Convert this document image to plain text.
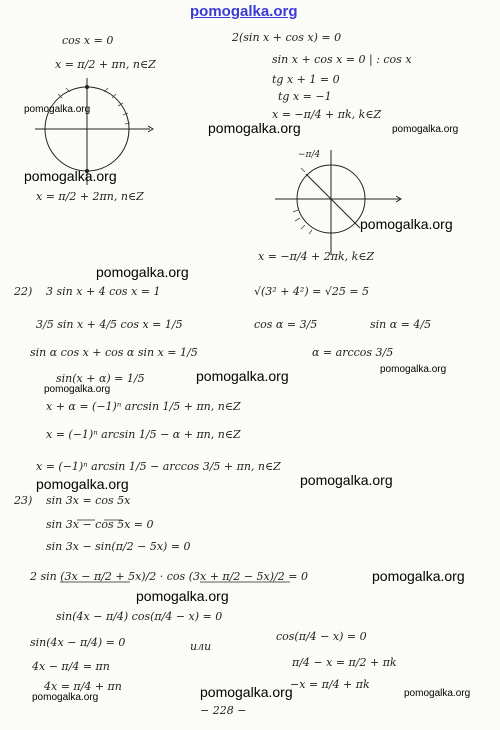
pomogalka.org
pomogalka.org
pomogalka.org	pomogalka.org
pomogalka.org
pomogalka.org
pomogalka.org
pomogalka.org	pomogalka.org
pomogalka.org
pomogalka.org	pomogalka.org
pomogalka.org
pomogalka.org
pomogalka.org
pomogalka.org	pomogalka.org
cos x = 0
x = π/2 + πn, n∈Z
x = π/2 + 2πn, n∈Z
2(sin x + cos x) = 0
sin x + cos x = 0 | : cos x
tg x + 1 = 0
tg x = −1
x = −π/4 + πk, k∈Z
−π/4
x = −π/4 + 2πk, k∈Z
22) 3 sin x + 4 cos x = 1	√(3² + 4²) = √25 = 5
3/5 sin x + 4/5 cos x = 1/5	cos α = 3/5	sin α = 4/5
sin α cos x + cos α sin x = 1/5	α = arccos 3/5
sin(x + α) = 1/5
x + α = (−1)ⁿ arcsin 1/5 + πn, n∈Z
x = (−1)ⁿ arcsin 1/5 − α + πn, n∈Z
x = (−1)ⁿ arcsin 1/5 − arccos 3/5 + πn, n∈Z
23) sin 3x = cos 5x
sin 3x − cos 5x = 0
sin 3x − sin(π/2 − 5x) = 0
2 sin (3x − π/2 + 5x)/2 · cos (3x + π/2 − 5x)/2 = 0
sin(4x − π/4) cos(π/4 − x) = 0
sin(4x − π/4) = 0	или
cos(π/4 − x) = 0
4x − π/4 = πn	π/4 − x = π/2 + πk
4x = π/4 + πn	−x = π/4 + πk
− 228 −
